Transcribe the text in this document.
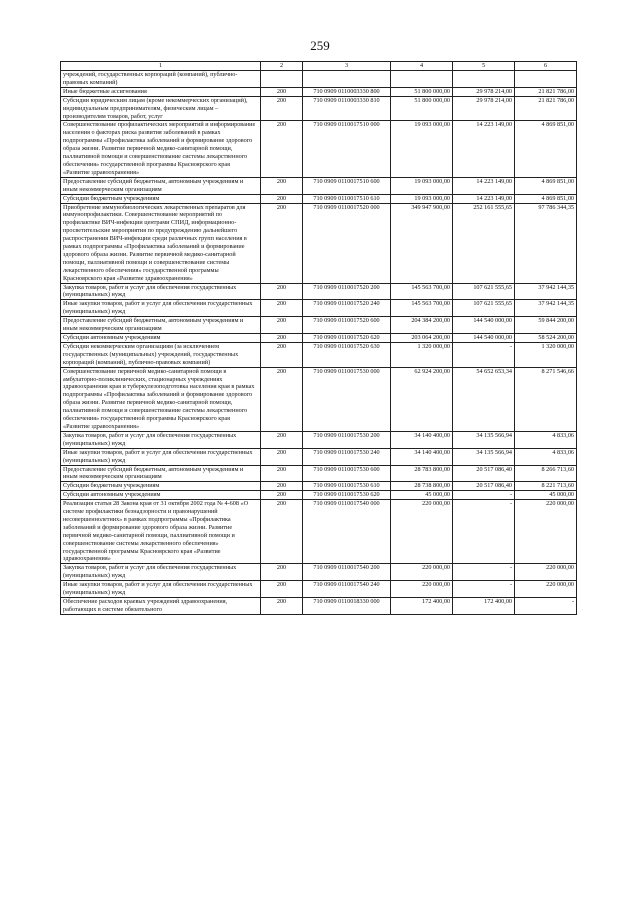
259
1	2	3	4	5	6
учреждений, государственных корпораций (компаний), публично-правовых компаний)					
Иные бюджетные ассигнования	200	710 0909 0110003330 800	51 800 000,00	29 978 214,00	21 821 786,00
Субсидии юридическим лицам (кроме некоммерческих организаций), индивидуальным предпринимателям, физическим лицам – производителям товаров, работ, услуг	200	710 0909 0110003330 810	51 800 000,00	29 978 214,00	21 821 786,00
Совершенствование профилактических мероприятий и информирование населения о факторах риска развития заболеваний в рамках подпрограммы «Профилактика заболеваний и формирование здорового образа жизни. Развитие первичной медико-санитарной помощи, паллиативной помощи и совершенствование системы лекарственного обеспечения» государственной программы Красноярского края «Развитие здравоохранения»	200	710 0909 0110017510 000	19 093 000,00	14 223 149,00	4 869 851,00
Предоставление субсидий бюджетным, автономным учреждениям и иным некоммерческим организациям	200	710 0909 0110017510 600	19 093 000,00	14 223 149,00	4 869 851,00
Субсидии бюджетным учреждениям	200	710 0909 0110017510 610	19 093 000,00	14 223 149,00	4 869 851,00
Приобретение иммунобиологических лекарственных препаратов для иммунопрофилактики. Совершенствование мероприятий по профилактике ВИЧ-инфекции центрами СПИД, информационно-просветительские мероприятия по предупреждению дальнейшего распространения ВИЧ-инфекции среди различных групп населения в рамках подпрограммы «Профилактика заболеваний и формирование здорового образа жизни. Развитие первичной медико-санитарной помощи, паллиативной помощи и совершенствование системы лекарственного обеспечения» государственной программы Красноярского края «Развитие здравоохранения»	200	710 0909 0110017520 000	349 947 900,00	252 161 555,65	97 786 344,35
Закупка товаров, работ и услуг для обеспечения государственных (муниципальных) нужд	200	710 0909 0110017520 200	145 563 700,00	107 621 555,65	37 942 144,35
Иные закупки товаров, работ и услуг для обеспечения государственных (муниципальных) нужд	200	710 0909 0110017520 240	145 563 700,00	107 621 555,65	37 942 144,35
Предоставление субсидий бюджетным, автономным учреждениям и иным некоммерческим организациям	200	710 0909 0110017520 600	204 384 200,00	144 540 000,00	59 844 200,00
Субсидии автономным учреждениям	200	710 0909 0110017520 620	203 064 200,00	144 540 000,00	58 524 200,00
Субсидии некоммерческим организациям (за исключением государственных (муниципальных) учреждений, государственных корпораций (компаний), публично-правовых компаний)	200	710 0909 0110017520 630	1 320 000,00	-	1 320 000,00
Совершенствование первичной медико-санитарной помощи в амбулаторно-поликлинических, стационарных учреждениях здравоохранения края и туберкулезоподготовка населения края в рамках подпрограммы «Профилактика заболеваний и формирование здорового образа жизни. Развитие первичной медико-санитарной помощи, паллиативной помощи и совершенствование системы лекарственного обеспечения» государственной программы Красноярского края «Развитие здравоохранения»	200	710 0909 0110017530 000	62 924 200,00	54 652 653,34	8 271 546,66
Закупка товаров, работ и услуг для обеспечения государственных (муниципальных) нужд	200	710 0909 0110017530 200	34 140 400,00	34 135 566,94	4 833,06
Иные закупки товаров, работ и услуг для обеспечения государственных (муниципальных) нужд	200	710 0909 0110017530 240	34 140 400,00	34 135 566,94	4 833,06
Предоставление субсидий бюджетным, автономным учреждениям и иным некоммерческим организациям	200	710 0909 0110017530 600	28 783 800,00	20 517 086,40	8 266 713,60
Субсидии бюджетным учреждениям	200	710 0909 0110017530 610	28 738 800,00	20 517 086,40	8 221 713,60
Субсидии автономным учреждениям	200	710 0909 0110017530 620	45 000,00	-	45 000,00
Реализация статьи 28 Закона края от 31 октября 2002 года № 4-608 «О системе профилактики безнадзорности и правонарушений несовершеннолетних» в рамках подпрограммы «Профилактика заболеваний и формирование здорового образа жизни. Развитие первичной медико-санитарной помощи, паллиативной помощи и совершенствование системы лекарственного обеспечения» государственной программы Красноярского края «Развитие здравоохранения»	200	710 0909 0110017540 000	220 000,00	-	220 000,00
Закупка товаров, работ и услуг для обеспечения государственных (муниципальных) нужд	200	710 0909 0110017540 200	220 000,00	-	220 000,00
Иные закупки товаров, работ и услуг для обеспечения государственных (муниципальных) нужд	200	710 0909 0110017540 240	220 000,00	-	220 000,00
Обеспечение расходов краевых учреждений здравоохранения, работающих в системе обязательного	200	710 0909 0110018330 000	172 400,00	172 400,00	-
